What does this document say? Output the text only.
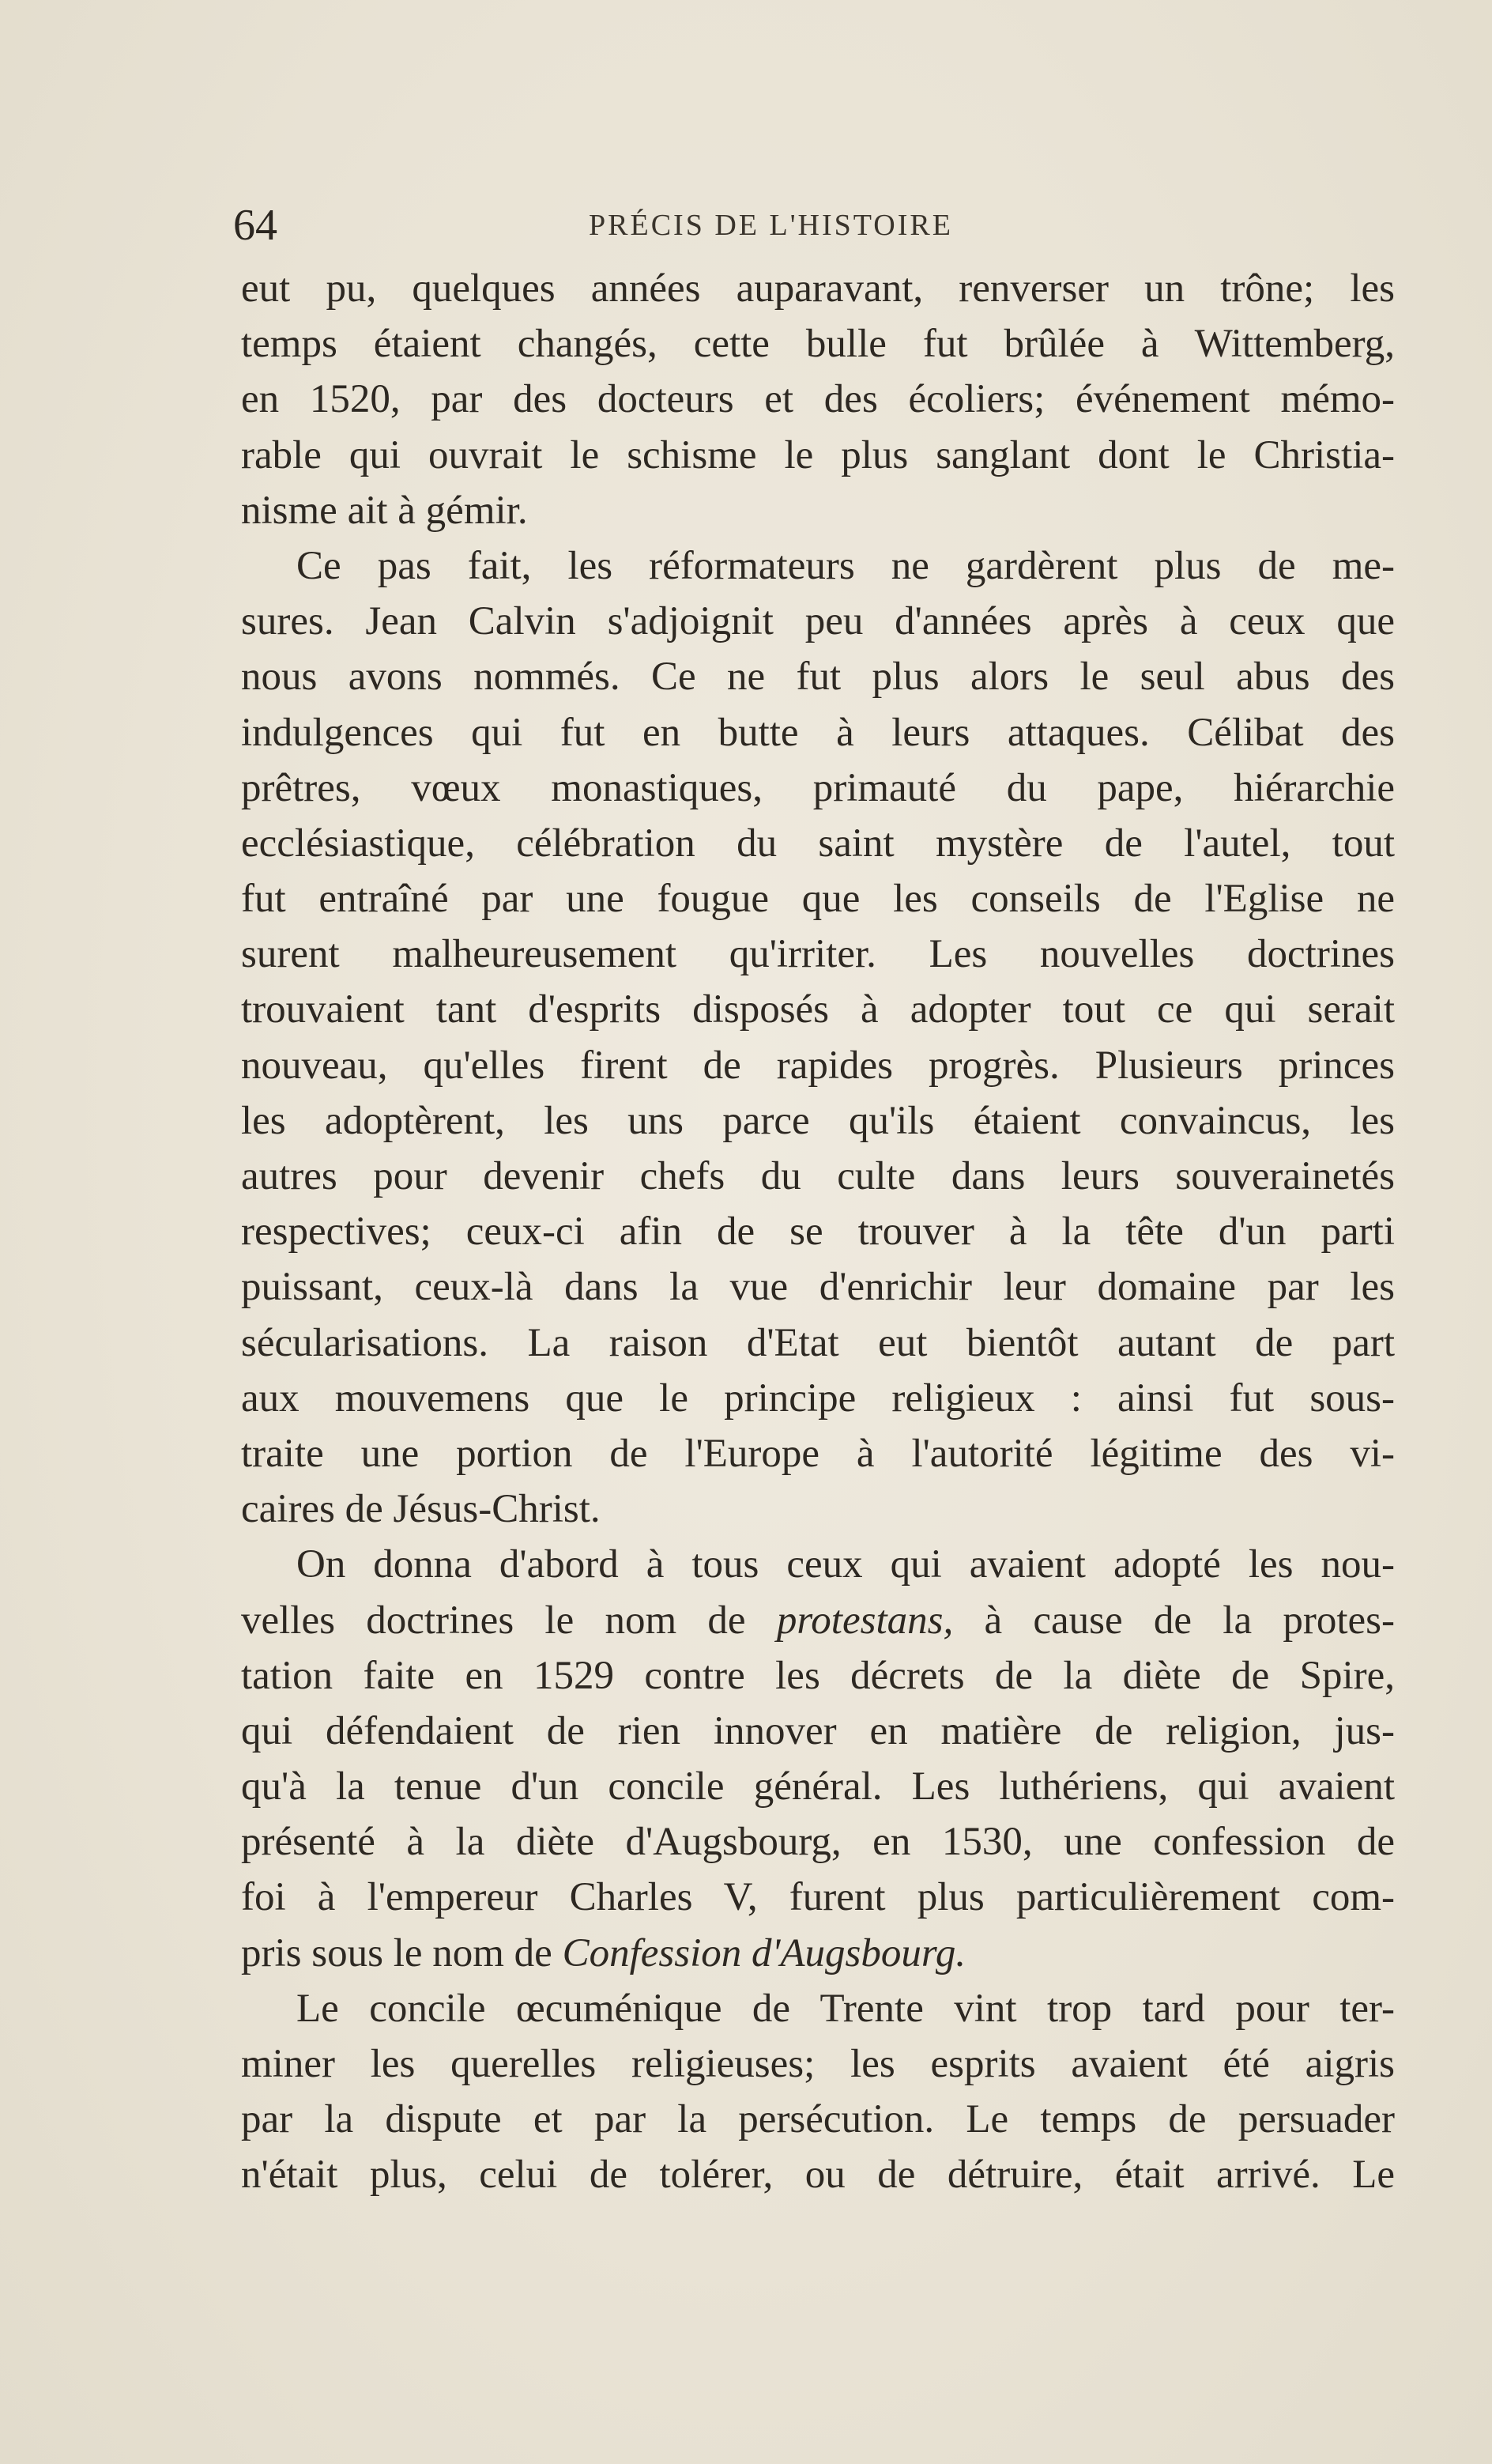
64	PRÉCIS DE L'HISTOIRE
eut pu, quelques années auparavant, renverser un trône; les
temps étaient changés, cette bulle fut brûlée à Wittemberg,
en 1520, par des docteurs et des écoliers; événement mémo-
rable qui ouvrait le schisme le plus sanglant dont le Christia-
nisme ait à gémir.
Ce pas fait, les réformateurs ne gardèrent plus de me-
sures. Jean Calvin s'adjoignit peu d'années après à ceux que
nous avons nommés. Ce ne fut plus alors le seul abus des
indulgences qui fut en butte à leurs attaques. Célibat des
prêtres, vœux monastiques, primauté du pape, hiérarchie
ecclésiastique, célébration du saint mystère de l'autel, tout
fut entraîné par une fougue que les conseils de l'Eglise ne
surent malheureusement qu'irriter. Les nouvelles doctrines
trouvaient tant d'esprits disposés à adopter tout ce qui serait
nouveau, qu'elles firent de rapides progrès. Plusieurs princes
les adoptèrent, les uns parce qu'ils étaient convaincus, les
autres pour devenir chefs du culte dans leurs souverainetés
respectives; ceux-ci afin de se trouver à la tête d'un parti
puissant, ceux-là dans la vue d'enrichir leur domaine par les
sécularisations. La raison d'Etat eut bientôt autant de part
aux mouvemens que le principe religieux : ainsi fut sous-
traite une portion de l'Europe à l'autorité légitime des vi-
caires de Jésus-Christ.
On donna d'abord à tous ceux qui avaient adopté les nou-
velles doctrines le nom de protestans, à cause de la protes-
tation faite en 1529 contre les décrets de la diète de Spire,
qui défendaient de rien innover en matière de religion, jus-
qu'à la tenue d'un concile général. Les luthériens, qui avaient
présenté à la diète d'Augsbourg, en 1530, une confession de
foi à l'empereur Charles V, furent plus particulièrement com-
pris sous le nom de Confession d'Augsbourg.
Le concile œcuménique de Trente vint trop tard pour ter-
miner les querelles religieuses; les esprits avaient été aigris
par la dispute et par la persécution. Le temps de persuader
n'était plus, celui de tolérer, ou de détruire, était arrivé. Le
